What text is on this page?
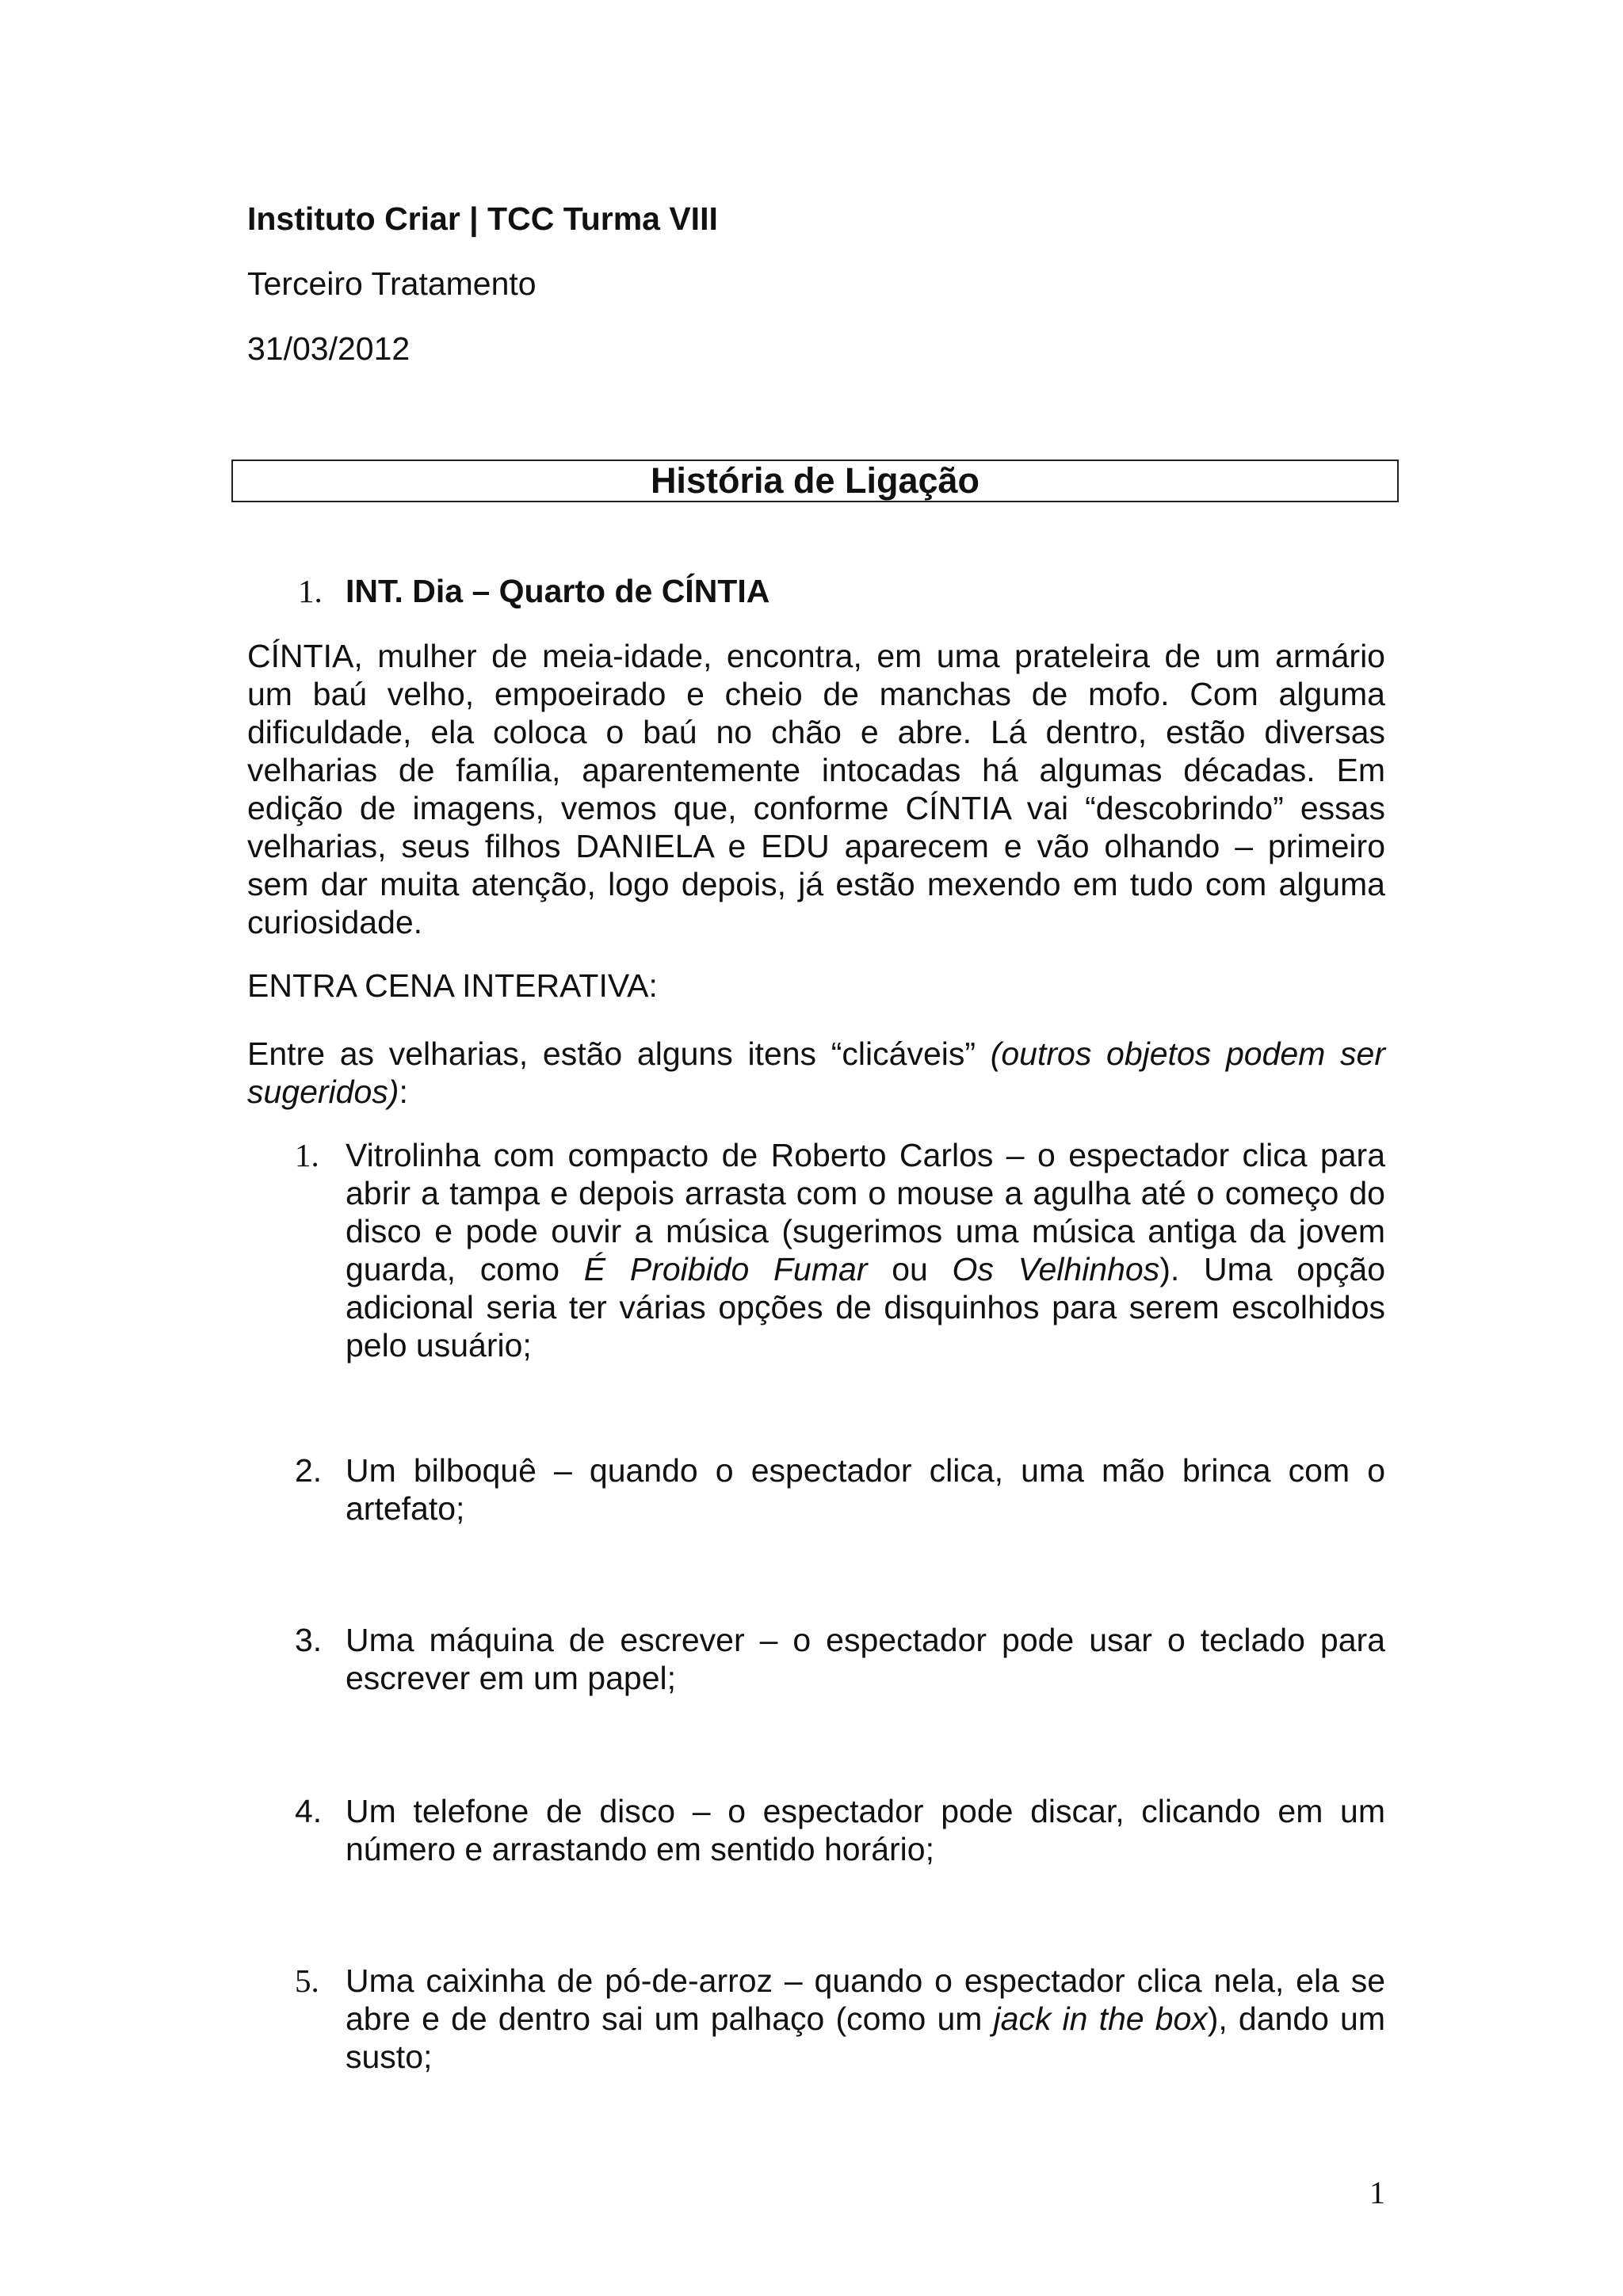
Instituto Criar | TCC Turma VIII
Terceiro Tratamento
31/03/2012
História de Ligação
1. INT. Dia – Quarto de CÍNTIA
CÍNTIA, mulher de meia-idade, encontra, em uma prateleira de um armário
um baú velho, empoeirado e cheio de manchas de mofo. Com alguma
dificuldade, ela coloca o baú no chão e abre. Lá dentro, estão diversas
velharias de família, aparentemente intocadas há algumas décadas. Em
edição de imagens, vemos que, conforme CÍNTIA vai “descobrindo” essas
velharias, seus filhos DANIELA e EDU aparecem e vão olhando – primeiro
sem dar muita atenção, logo depois, já estão mexendo em tudo com alguma
curiosidade.
ENTRA CENA INTERATIVA:
Entre as velharias, estão alguns itens “clicáveis” (outros objetos podem ser
sugeridos):
1. Vitrolinha com compacto de Roberto Carlos – o espectador clica para
abrir a tampa e depois arrasta com o mouse a agulha até o começo do
disco e pode ouvir a música (sugerimos uma música antiga da jovem
guarda, como É Proibido Fumar ou Os Velhinhos). Uma opção
adicional seria ter várias opções de disquinhos para serem escolhidos
pelo usuário;
2. Um bilboquê – quando o espectador clica, uma mão brinca com o
artefato;
3. Uma máquina de escrever – o espectador pode usar o teclado para
escrever em um papel;
4. Um telefone de disco – o espectador pode discar, clicando em um
número e arrastando em sentido horário;
5. Uma caixinha de pó-de-arroz – quando o espectador clica nela, ela se
abre e de dentro sai um palhaço (como um jack in the box), dando um
susto;
1
